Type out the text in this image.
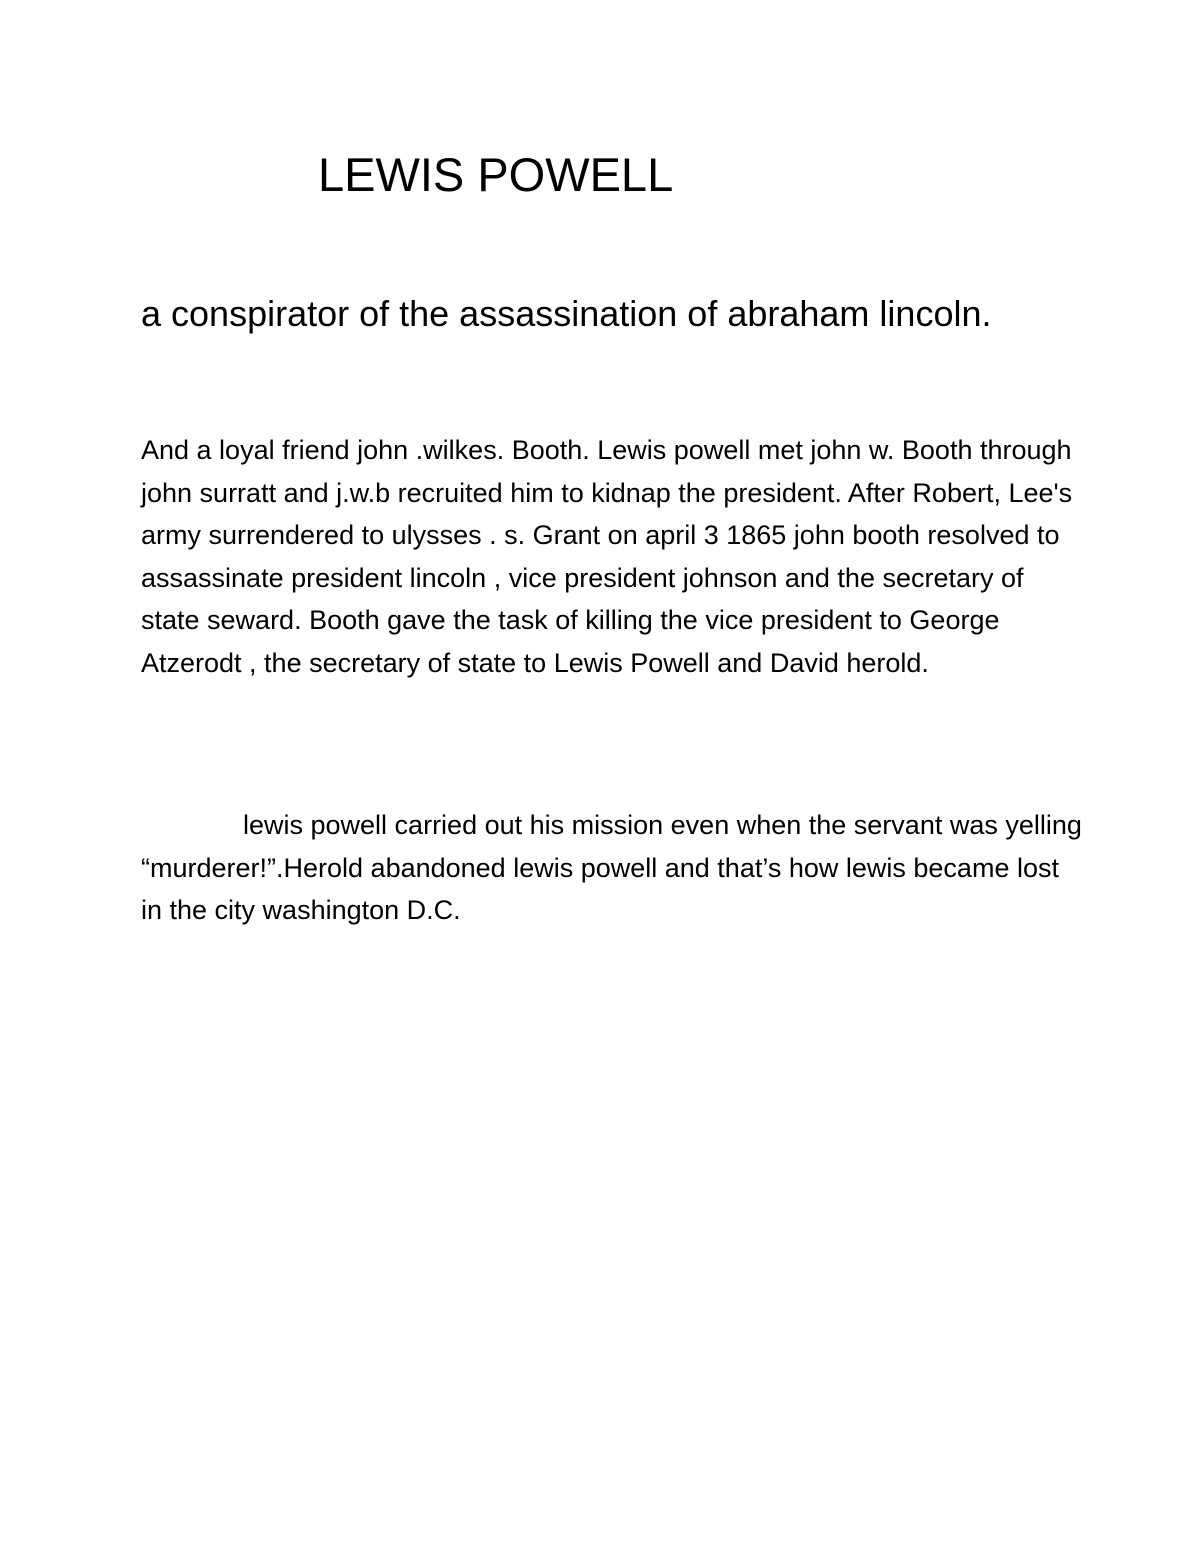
LEWIS POWELL

a conspirator of the assassination of abraham lincoln.

And a loyal friend john .wilkes. Booth. Lewis powell met john w. Booth through john surratt and j.w.b recruited him to kidnap the president. After Robert, Lee's army surrendered to ulysses . s. Grant on april 3 1865 john booth resolved to assassinate president lincoln , vice president johnson and the secretary of state seward. Booth gave the task of killing the vice president to George Atzerodt , the secretary of state to Lewis Powell and David herold.

lewis powell carried out his mission even when the servant was yelling “murderer!”.Herold abandoned lewis powell and that’s how lewis became lost in the city washington D.C.
